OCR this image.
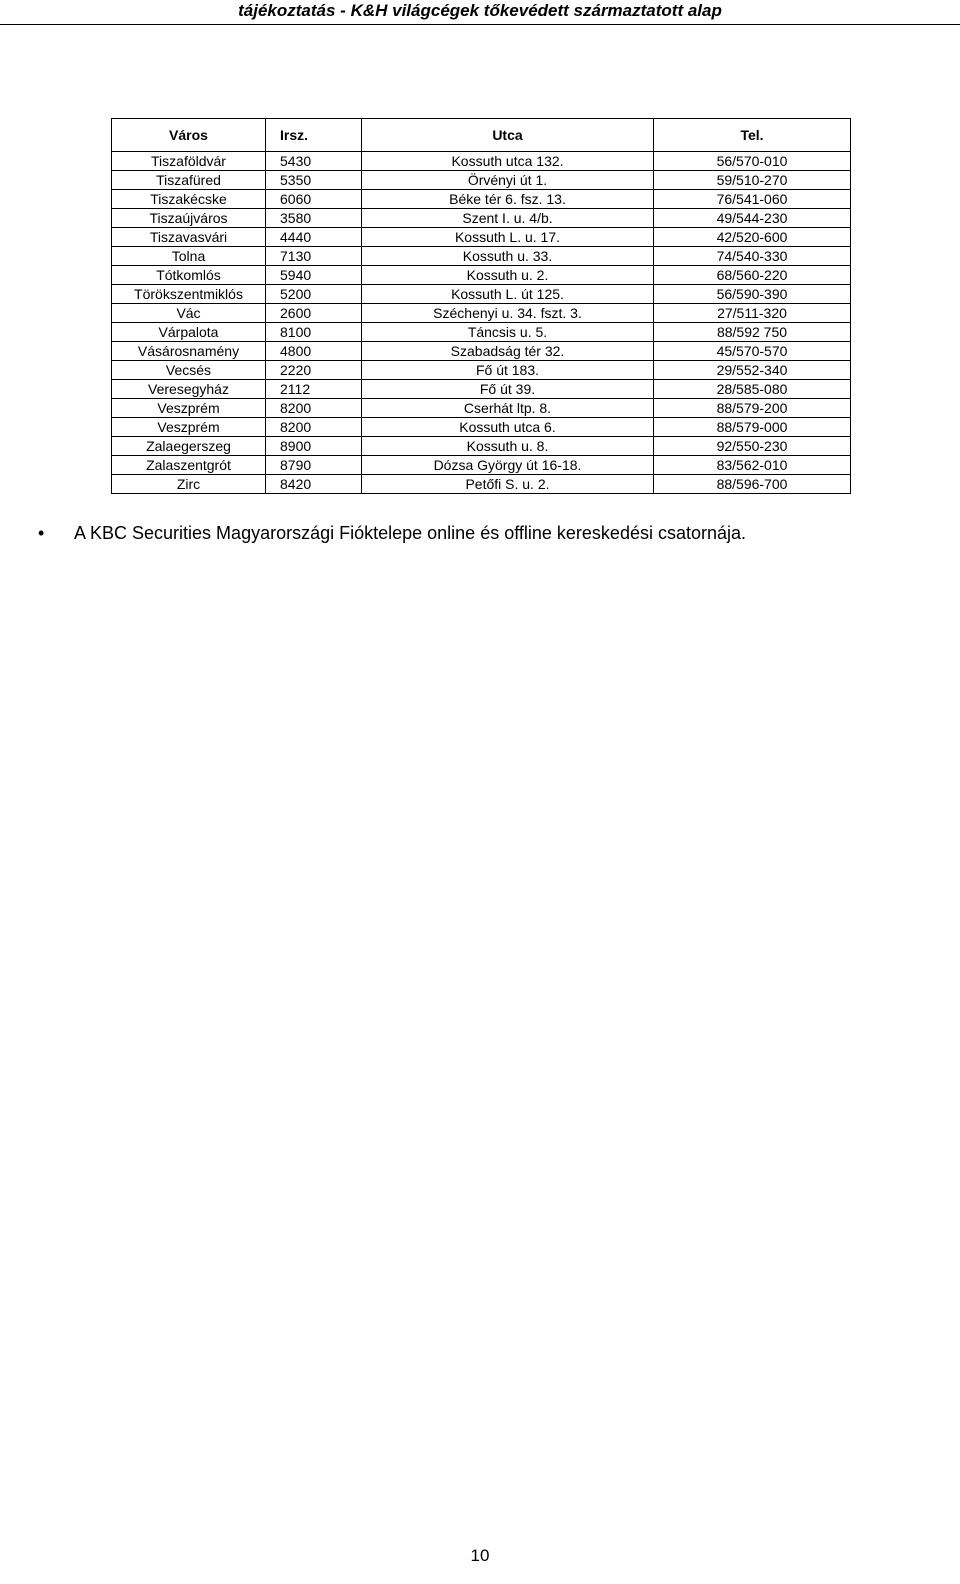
tájékoztatás - K&H világcégek tőkevédett származtatott alap
Város	Irsz.	Utca	Tel.
Tiszaföldvár	5430	Kossuth utca 132.	56/570-010
Tiszafüred	5350	Örvényi út 1.	59/510-270
Tiszakécske	6060	Béke tér 6. fsz. 13.	76/541-060
Tiszaújváros	3580	Szent I. u. 4/b.	49/544-230
Tiszavasvári	4440	Kossuth L. u. 17.	42/520-600
Tolna	7130	Kossuth u. 33.	74/540-330
Tótkomlós	5940	Kossuth u. 2.	68/560-220
Törökszentmiklós	5200	Kossuth L. út 125.	56/590-390
Vác	2600	Széchenyi u. 34. fszt. 3.	27/511-320
Várpalota	8100	Táncsis u. 5.	88/592 750
Vásárosnamény	4800	Szabadság tér 32.	45/570-570
Vecsés	2220	Fő út 183.	29/552-340
Veresegyház	2112	Fő út 39.	28/585-080
Veszprém	8200	Cserhát ltp. 8.	88/579-200
Veszprém	8200	Kossuth utca 6.	88/579-000
Zalaegerszeg	8900	Kossuth u. 8.	92/550-230
Zalaszentgrót	8790	Dózsa György út 16-18.	83/562-010
Zirc	8420	Petőfi S. u. 2.	88/596-700
• A KBC Securities Magyarországi Fióktelepe online és offline kereskedési csatornája.
10
